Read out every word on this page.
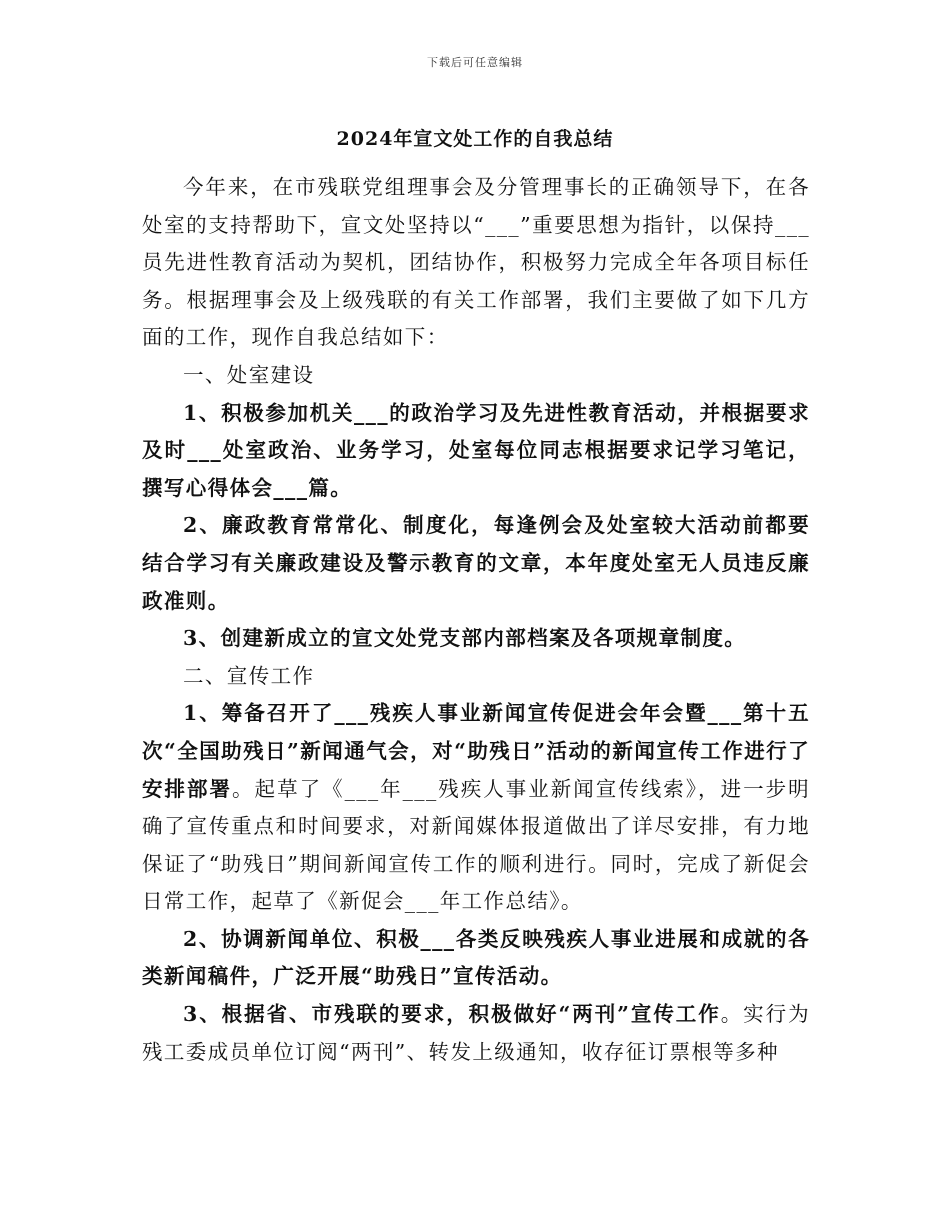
下载后可任意编辑
2024年宣文处工作的自我总结

今年来，在市残联党组理事会及分管理事长的正确领导下，在各处室的支持帮助下，宣文处坚持以“___”重要思想为指针，以保持___员先进性教育活动为契机，团结协作，积极努力完成全年各项目标任务。根据理事会及上级残联的有关工作部署，我们主要做了如下几方面的工作，现作自我总结如下：

一、处室建设

1、积极参加机关___的政治学习及先进性教育活动，并根据要求及时___处室政治、业务学习，处室每位同志根据要求记学习笔记，撰写心得体会___篇。

2、廉政教育常常化、制度化，每逢例会及处室较大活动前都要结合学习有关廉政建设及警示教育的文章，本年度处室无人员违反廉政准则。

3、创建新成立的宣文处党支部内部档案及各项规章制度。

二、宣传工作

1、筹备召开了___残疾人事业新闻宣传促进会年会暨___第十五次“全国助残日”新闻通气会，对“助残日”活动的新闻宣传工作进行了安排部署。起草了《___年___残疾人事业新闻宣传线索》，进一步明确了宣传重点和时间要求，对新闻媒体报道做出了详尽安排，有力地保证了“助残日”期间新闻宣传工作的顺利进行。同时，完成了新促会日常工作，起草了《新促会___年工作总结》。

2、协调新闻单位、积极___各类反映残疾人事业进展和成就的各类新闻稿件，广泛开展“助残日”宣传活动。

3、根据省、市残联的要求，积极做好“两刊”宣传工作。实行为残工委成员单位订阅“两刊”、转发上级通知，收存征订票根等多种
